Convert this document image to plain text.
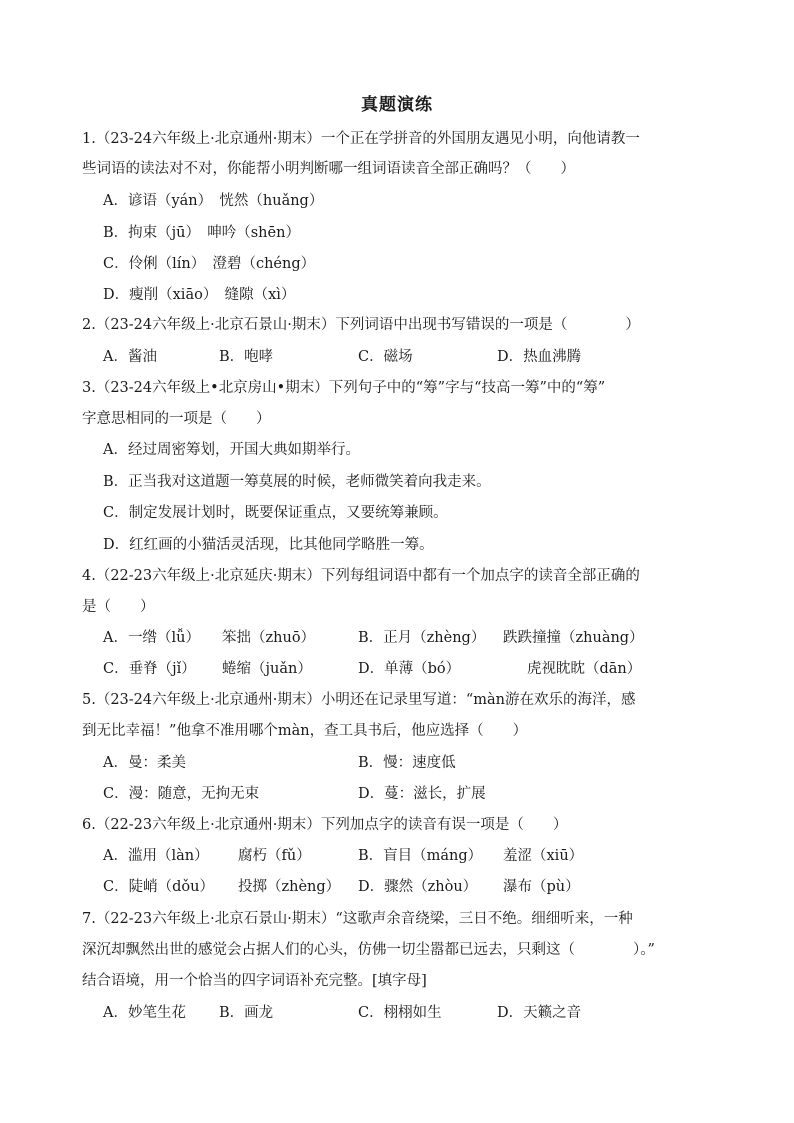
真题演练
1.（23-24六年级上·北京通州·期末）一个正在学拼音的外国朋友遇见小明，向他请教一
些词语的读法对不对，你能帮小明判断哪一组词语读音全部正确吗？（　　）
A．谚语（yán）　恍然（huǎng）
B．拘束（jū）　呻吟（shēn）
C．伶俐（lín）　澄碧（chéng）
D．瘦削（xiāo）　缝隙（xì）
2.（23-24六年级上·北京石景山·期末）下列词语中出现书写错误的一项是（　　　　）
A．酱油	B．咆哮	C．磁场	D．热血沸腾
3.（23-24六年级上•北京房山•期末）下列句子中的“筹”字与“技高一筹”中的“筹”
字意思相同的一项是（　　）
A．经过周密筹划，开国大典如期举行。
B．正当我对这道题一筹莫展的时候，老师微笑着向我走来。
C．制定发展计划时，既要保证重点，又要统筹兼顾。
D．红红画的小猫活灵活现，比其他同学略胜一筹。
4.（22-23六年级上·北京延庆·期末）下列每组词语中都有一个加点字的读音全部正确的
是（　　）
A．一绺（lǚ） 笨拙（zhuō）	B．正月（zhèng） 跌跌撞撞（zhuàng）
C．垂脊（jǐ） 蜷缩（juǎn）	D．单薄（bó）	虎视眈眈（dān）
5.（23-24六年级上·北京通州·期末）小明还在记录里写道：“màn游在欢乐的海洋，感
到无比幸福！”他拿不准用哪个màn，查工具书后，他应选择（　　）
A．曼：柔美	B．慢：速度低
C．漫：随意，无拘无束	D．蔓：滋长，扩展
6.（22-23六年级上·北京通州·期末）下列加点字的读音有误一项是（　　）
A．滥用（làn） 腐朽（fǔ）	B．盲目（máng） 羞涩（xiū）
C．陡峭（dǒu） 投掷（zhèng） D．骤然（zhòu） 瀑布（pù）
7.（22-23六年级上·北京石景山·期末）“这歌声余音绕梁，三日不绝。细细听来，一种
深沉却飘然出世的感觉会占据人们的心头，仿佛一切尘嚣都已远去，只剩这（　　　　）。”
结合语境，用一个恰当的四字词语补充完整。[填字母]
A．妙笔生花 B．画龙	C．栩栩如生	D．天籁之音
